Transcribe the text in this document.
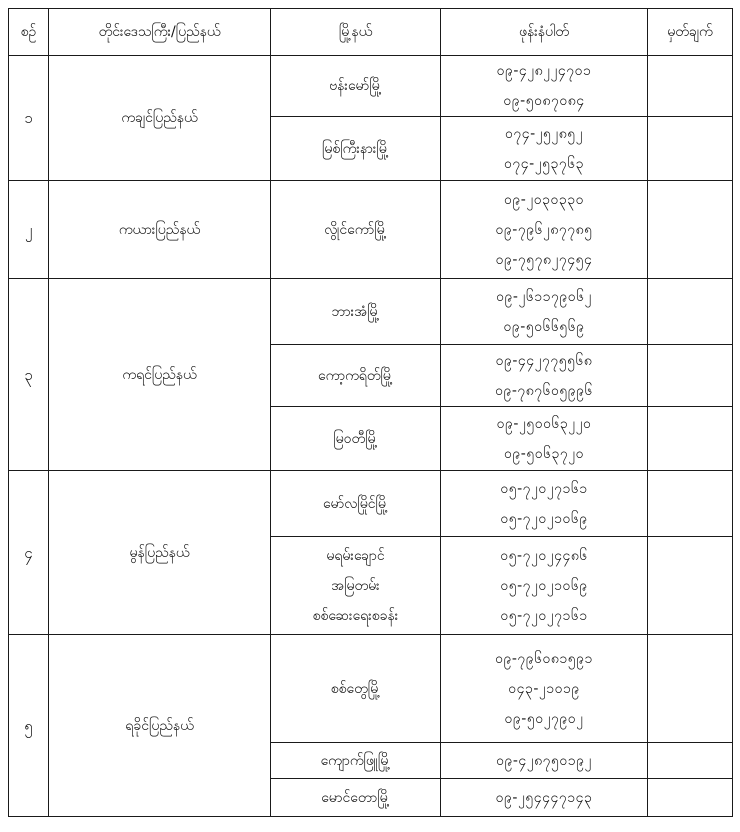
စဉ်	တိုင်းဒေသကြီး/ပြည်နယ်	မြို့နယ်	ဖုန်းနံပါတ်	မှတ်ချက်
၁	ကချင်ပြည်နယ်	ဗန်းမော်မြို့	၀၉-၄၂၈၂၂၄၇၀၁
၀၉-၅၀၈၇၀၈၄	

		မြစ်ကြီးနားမြို့	၀၇၄-၂၅၂၈၅၂
၀၇၄-၂၅၃၇၆၃	

၂	ကယားပြည်နယ်	လွိုင်ကော်မြို့	၀၉-၂၀၃၀၃၃၀
၀၉-၇၉၆၂၈၇၇၈၅
၀၉-၇၅၇၈၂၇၄၅၄	

၃	ကရင်ပြည်နယ်	ဘားအံမြို့	၀၉-၂၆၁၁၇၉၀၆၂
၀၉-၅၀၆၆၅၆၉	

		ကော့ကရိတ်မြို့	၀၉-၄၄၂၇၇၅၅၆၈
၀၉-၇၈၇၆၀၅၉၉၆	

		မြဝတီမြို့	၀၉-၂၅၀၀၆၃၂၂၀
၀၉-၅၀၆၃၇၂၀	

၄	မွန်ပြည်နယ်	မော်လမြိုင်မြို့	၀၅-၇၂၀၂၇၁၆၁
၀၅-၇၂၀၂၁၀၆၉	

		မရမ်းချောင်
အမြတမ်း
စစ်ဆေးရေးစခန်း	၀၅-၇၂၀၂၄၄၈၆
၀၅-၇၂၀၂၁၀၆၉
၀၅-၇၂၀၂၇၁၆၁	

၅	ရခိုင်ပြည်နယ်	စစ်တွေမြို့	၀၉-၇၉၆၀၈၁၅၉၁
၀၄၃-၂၁၀၁၉
၀၉-၅၀၂၇၉၀၂	

		ကျောက်ဖြူမြို့	၀၉-၄၂၈၇၅၀၁၉၂	

		မောင်တောမြို့	၀၉-၂၅၄၄၄၇၁၄၃	
